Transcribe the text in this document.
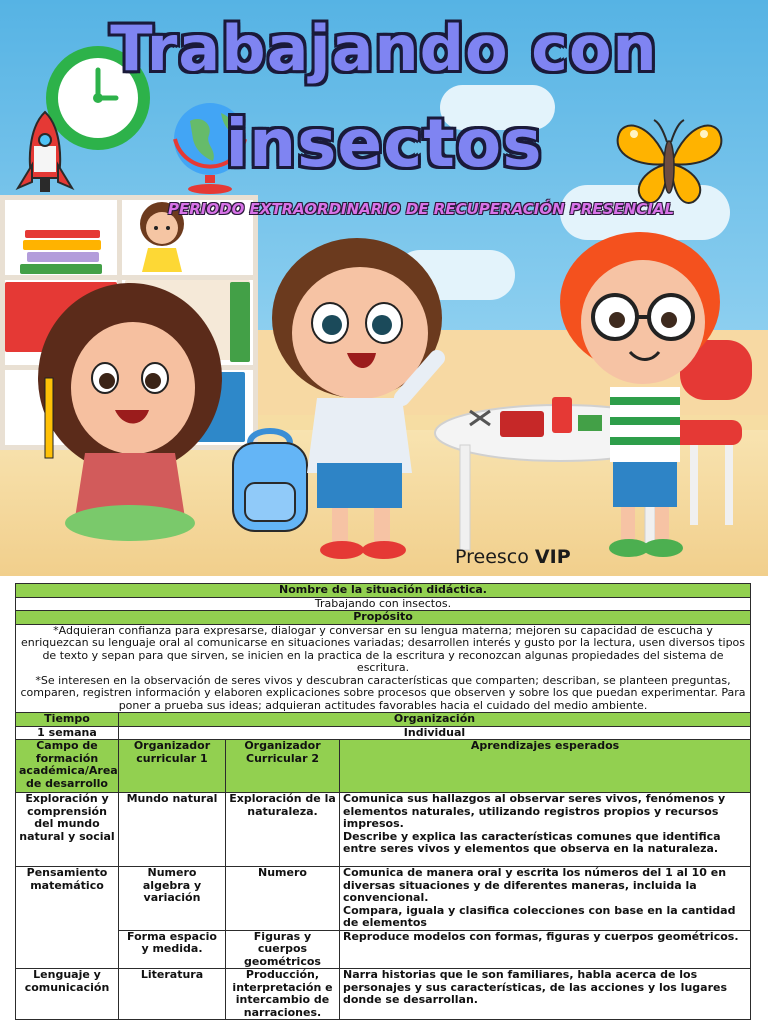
Trabajando con
insectos
PERIODO EXTRAORDINARIO DE RECUPERACIÓN PRESENCIAL
Preesco VIP
Nombre de la situación didáctica.			
Trabajando con insectos.			
Propósito			

*Adquieran confianza para expresarse, dialogar y conversar en su lengua materna; mejoren su capacidad de escucha y enriquezcan su lenguaje oral al comunicarse en situaciones variadas; desarrollen interés y gusto por la lectura, usen diversos tipos de texto y sepan para que sirven, se inicien en la practica de la escritura y reconozcan algunas propiedades del sistema de escritura.
*Se interesen en la observación de seres vivos y descubran características que comparten; describan, se planteen preguntas, comparen, registren información y elaboren explicaciones sobre procesos que observen y sobre los que puedan experimentar. Para poner a prueba sus ideas; adquieran actitudes favorables hacia el cuidado del medio ambiente.			

Tiempo	Organización		
1 semana	Individual		
Campo de formación académica/Area de desarrollo	Organizador curricular 1	Organizador Curricular 2	Aprendizajes esperados
Exploración y comprensión del mundo natural y social	Mundo natural	Exploración de la naturaleza.	Comunica sus hallazgos al observar seres vivos, fenómenos y elementos naturales, utilizando registros propios y recursos impresos.
Describe y explica las características comunes que identifica entre seres vivos y elementos que observa en la naturaleza.
Pensamiento matemático	Numero algebra y variación	Numero	Comunica de manera oral y escrita los números del 1 al 10 en diversas situaciones y de diferentes maneras, incluida la convencional.
Compara, iguala y clasifica colecciones con base en la cantidad de elementos
	Forma espacio y medida.	Figuras y cuerpos geométricos	Reproduce modelos con formas, figuras y cuerpos geométricos.
Lenguaje y comunicación	Literatura	Producción, interpretación e intercambio de narraciones.	Narra historias que le son familiares, habla acerca de los personajes y sus características, de las acciones y los lugares donde se desarrollan.
